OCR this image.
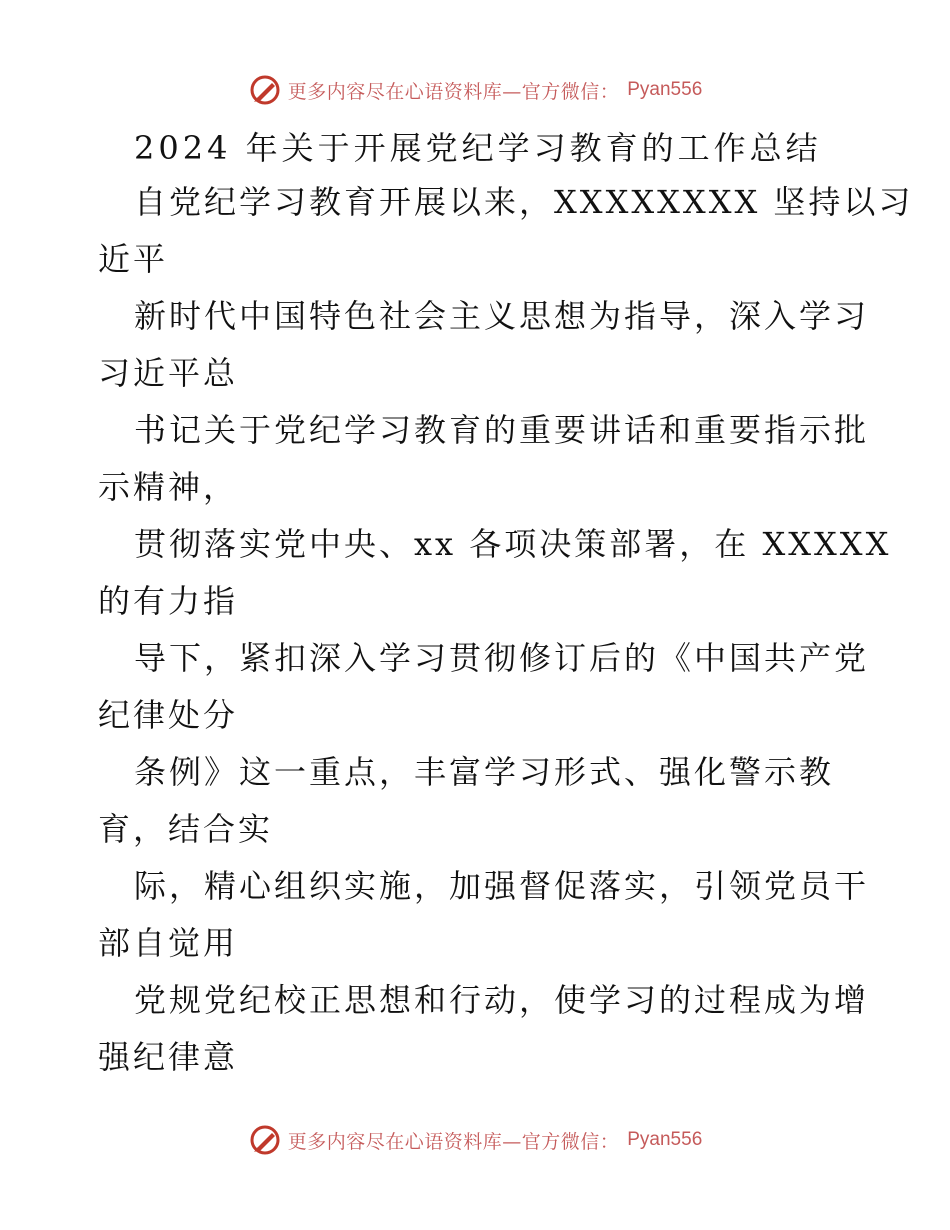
更多内容尽在心语资料库—官方微信： Pyan556
2024 年关于开展党纪学习教育的工作总结
自党纪学习教育开展以来，XXXXXXXX 坚持以习
近平
新时代中国特色社会主义思想为指导，深入学习
习近平总
书记关于党纪学习教育的重要讲话和重要指示批
示精神，
贯彻落实党中央、xx 各项决策部署，在 XXXXX
的有力指
导下，紧扣深入学习贯彻修订后的《中国共产党
纪律处分
条例》这一重点，丰富学习形式、强化警示教
育，结合实
际，精心组织实施，加强督促落实，引领党员干
部自觉用
党规党纪校正思想和行动，使学习的过程成为增
强纪律意
更多内容尽在心语资料库—官方微信： Pyan556
